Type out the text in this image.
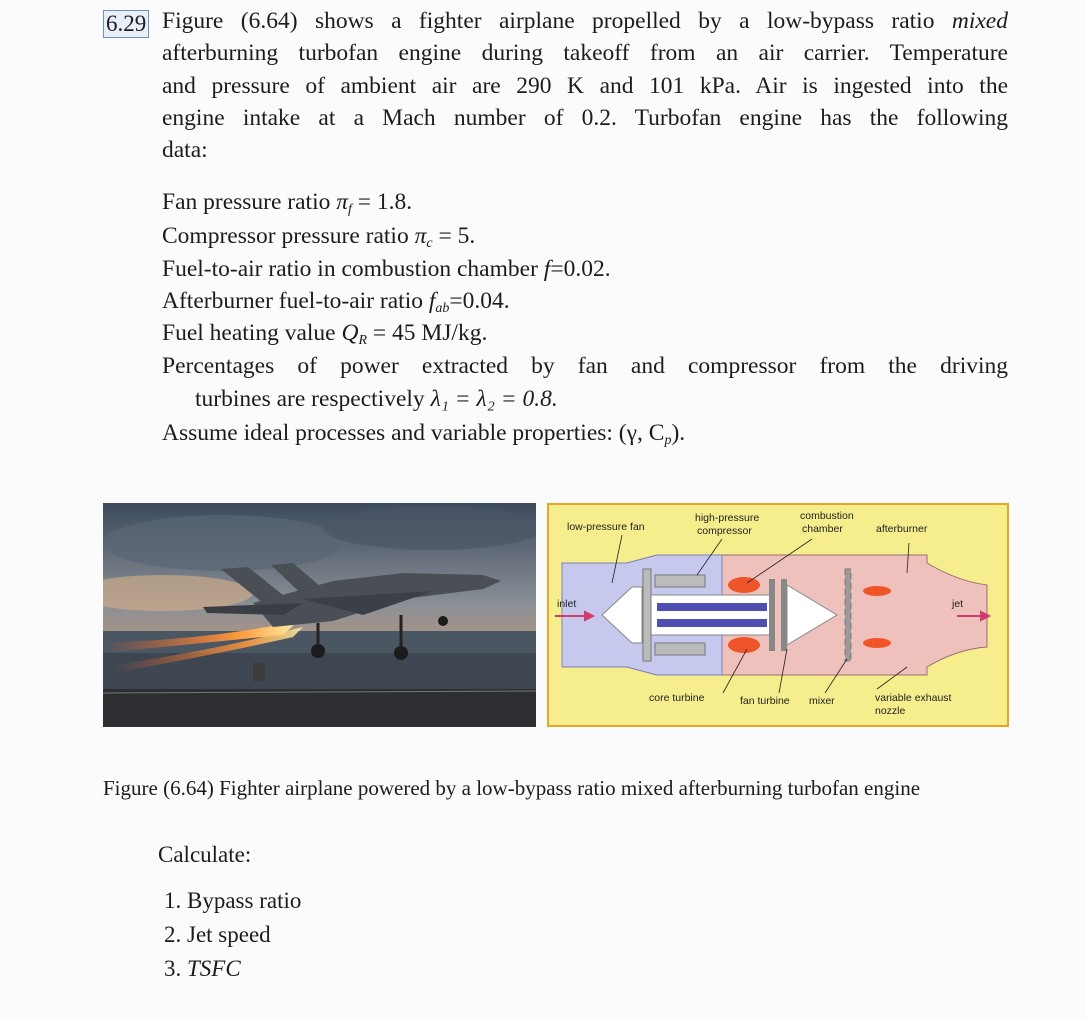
6.29 Figure (6.64) shows a fighter airplane propelled by a low-bypass ratio mixed
afterburning turbofan engine during takeoff from an air carrier. Temperature
and pressure of ambient air are 290 K and 101 kPa. Air is ingested into the
engine intake at a Mach number of 0.2. Turbofan engine has the following
data:
Fan pressure ratio $\pi_f = 1.8$.
Compressor pressure ratio $\pi_c = 5$.
Fuel-to-air ratio in combustion chamber f=0.02.
Afterburner fuel-to-air ratio $f_{ab}=0.04$.
Fuel heating value $Q_R = 45$ MJ/kg.
Percentages of power extracted by fan and compressor from the driving
turbines are respectively λ₁ = λ₂ = 0.8.
Assume ideal processes and variable properties: (γ, $C_p$).
low-pressure fan
high-pressure
compressor
combustion
chamber	afterburner
inlet	jet
core turbine	fan turbine mixer	variable exhaust
nozzle
Figure (6.64) Fighter airplane powered by a low-bypass ratio mixed afterburning turbofan engine
Calculate:
1. Bypass ratio
2. Jet speed
3. TSFC
